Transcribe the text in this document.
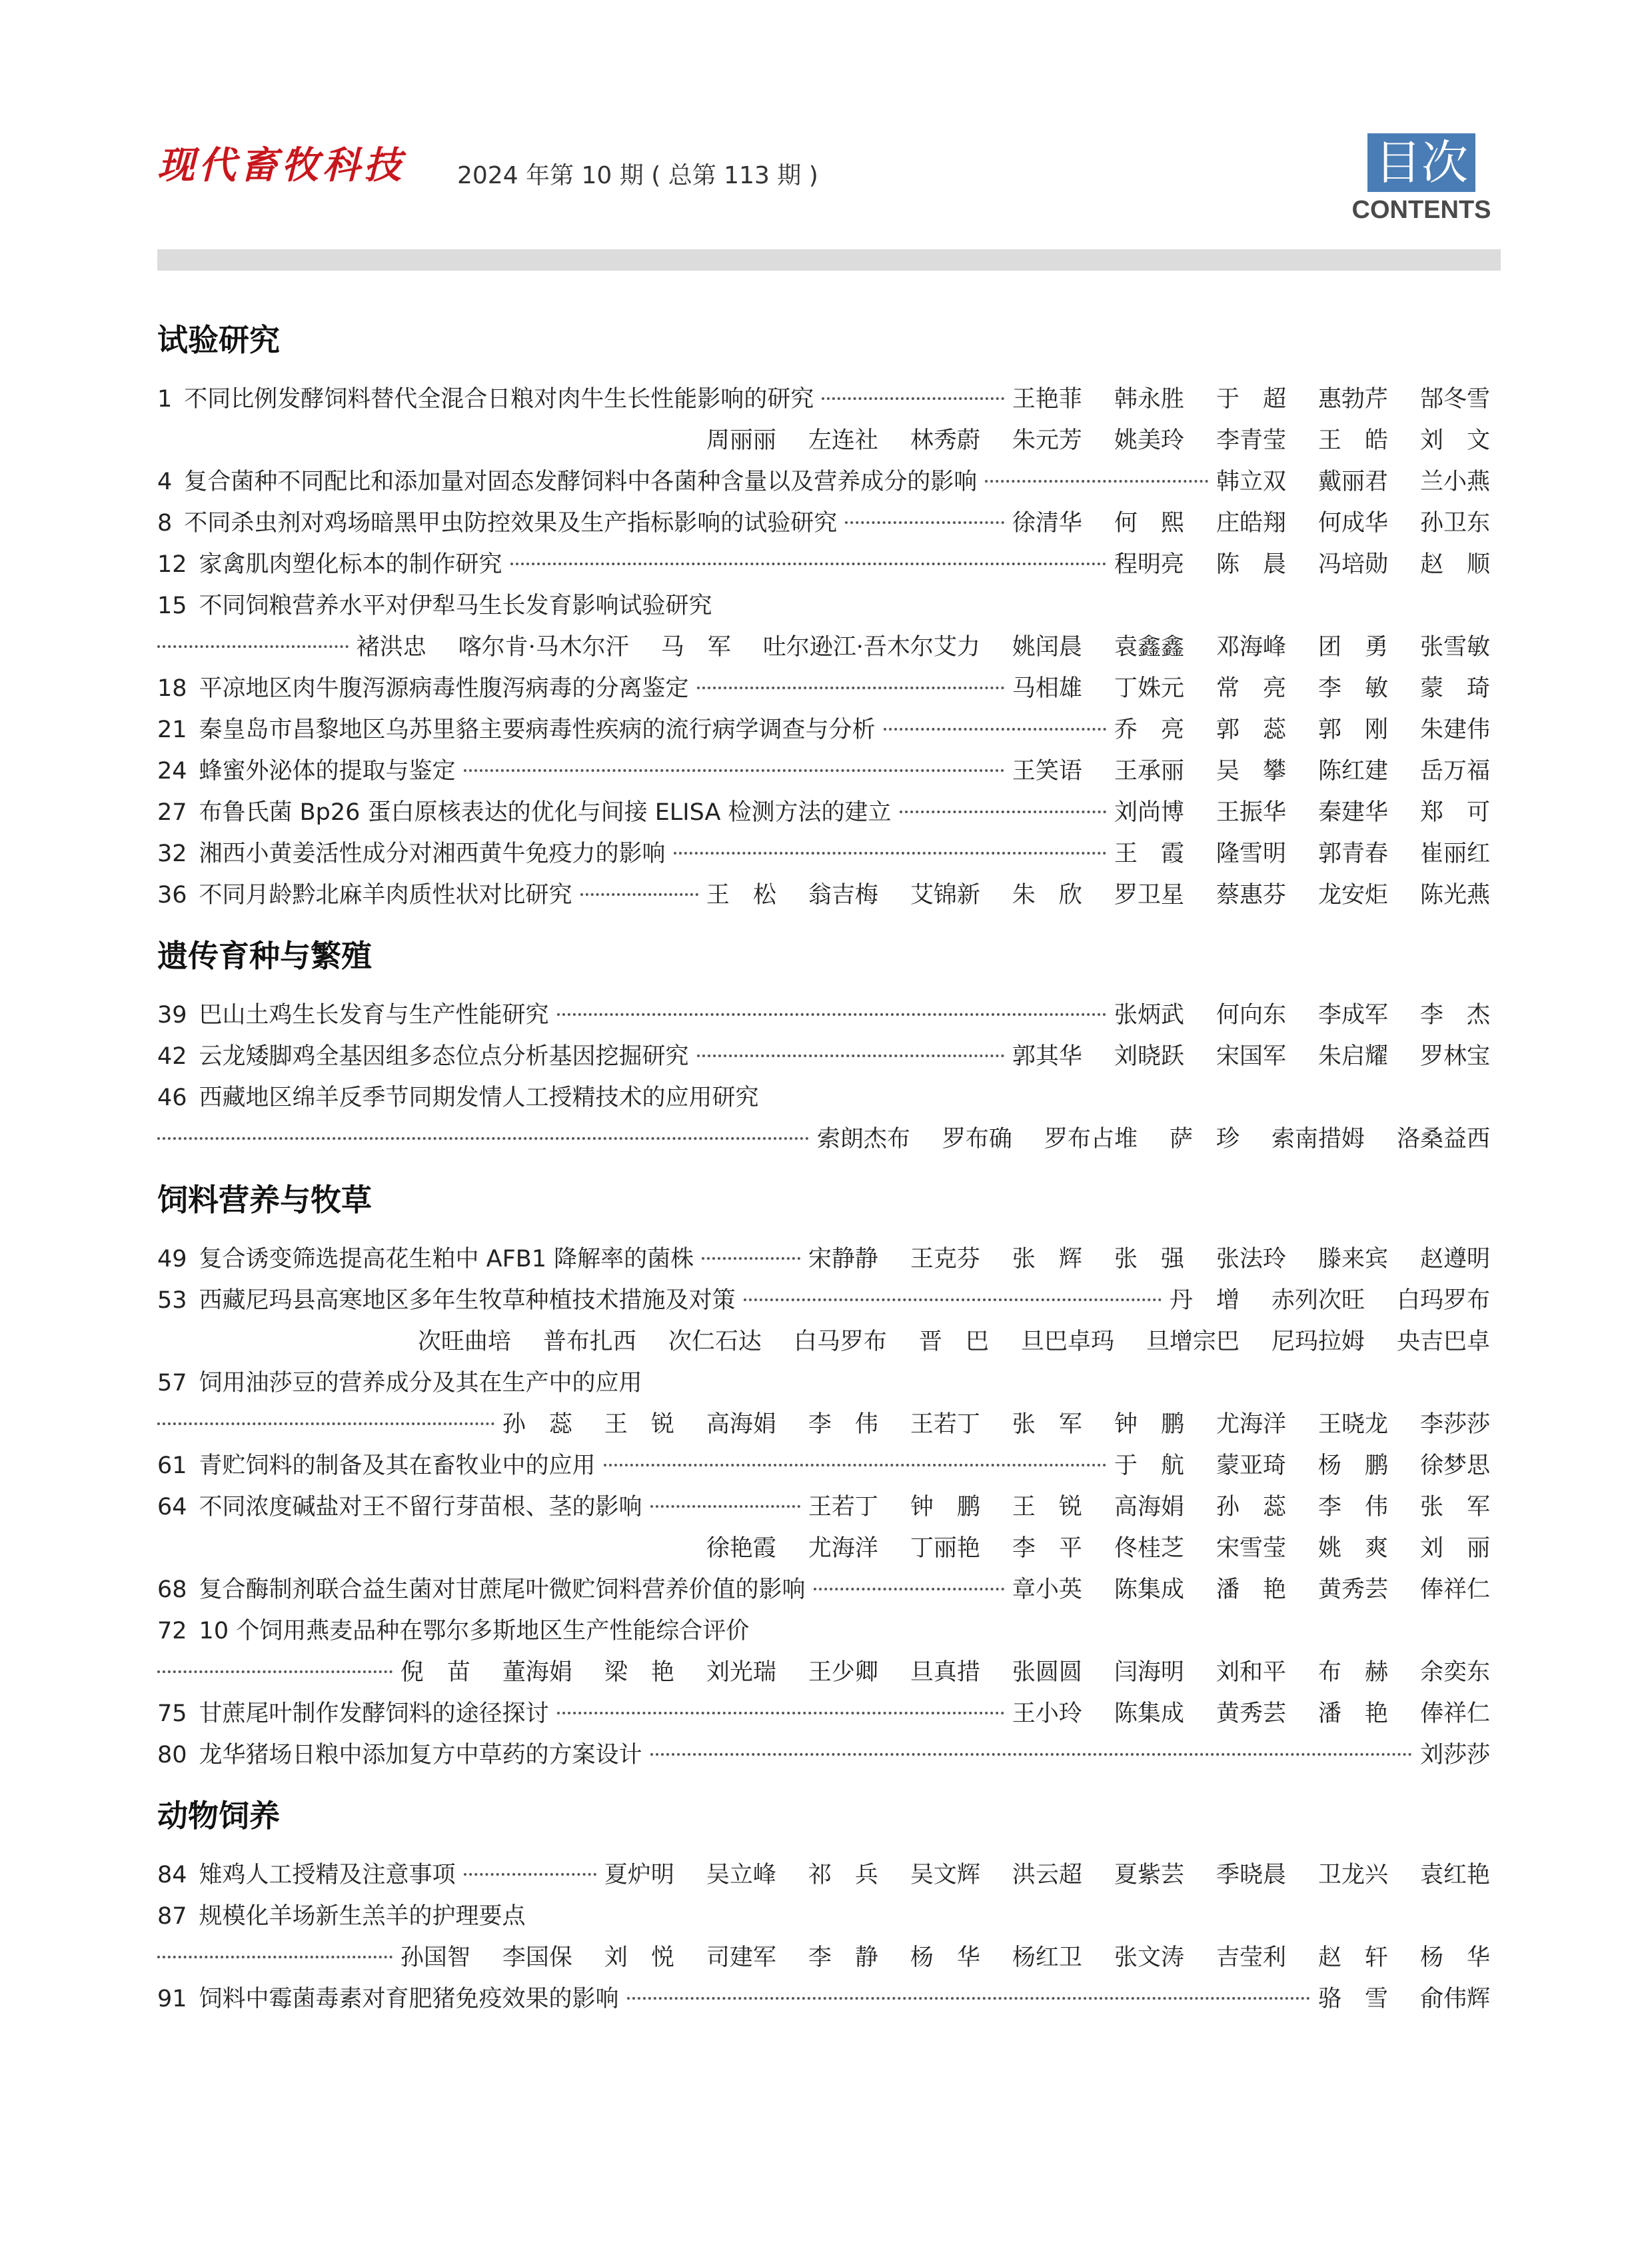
现代畜牧科技 2024 年第 10 期 ( 总第 113 期 )	目次
CONTENTS
试验研究
1 不同比例发酵饲料替代全混合日粮对肉牛生长性能影响的研究	王艳菲 韩永胜 于　超 惠勃芹 郜冬雪
周丽丽 左连社 林秀蔚 朱元芳 姚美玲 李青莹 王　皓 刘　文
4 复合菌种不同配比和添加量对固态发酵饲料中各菌种含量以及营养成分的影响	韩立双 戴丽君 兰小燕
8 不同杀虫剂对鸡场暗黑甲虫防控效果及生产指标影响的试验研究	徐清华 何　熙 庄皓翔 何成华 孙卫东
12 家禽肌肉塑化标本的制作研究	程明亮 陈　晨 冯培勋 赵　顺
15 不同饲粮营养水平对伊犁马生长发育影响试验研究
褚洪忠 喀尔肯·马木尔汗 马　军 吐尔逊江·吾木尔艾力 姚闰晨 袁鑫鑫 邓海峰 团　勇 张雪敏
18 平凉地区肉牛腹泻源病毒性腹泻病毒的分离鉴定	马相雄 丁姝元 常　亮 李　敏 蒙　琦
21 秦皇岛市昌黎地区乌苏里貉主要病毒性疾病的流行病学调查与分析	乔　亮 郭　蕊 郭　刚 朱建伟
24 蜂蜜外泌体的提取与鉴定	王笑语 王承丽 吴　攀 陈红建 岳万福
27 布鲁氏菌 Bp26 蛋白原核表达的优化与间接 ELISA 检测方法的建立	刘尚博 王振华 秦建华 郑　可
32 湘西小黄姜活性成分对湘西黄牛免疫力的影响	王　霞 隆雪明 郭青春 崔丽红
36 不同月龄黔北麻羊肉质性状对比研究	王　松 翁吉梅 艾锦新 朱　欣 罗卫星 蔡惠芬 龙安炬 陈光燕
遗传育种与繁殖
39 巴山土鸡生长发育与生产性能研究	张炳武 何向东 李成军 李　杰
42 云龙矮脚鸡全基因组多态位点分析基因挖掘研究	郭其华 刘晓跃 宋国军 朱启耀 罗林宝
46 西藏地区绵羊反季节同期发情人工授精技术的应用研究
索朗杰布 罗布确 罗布占堆 萨　珍 索南措姆 洛桑益西
饲料营养与牧草
49 复合诱变筛选提高花生粕中 AFB1 降解率的菌株	宋静静 王克芬 张　辉 张　强 张法玲 滕来宾 赵遵明
53 西藏尼玛县高寒地区多年生牧草种植技术措施及对策	丹　增 赤列次旺 白玛罗布
次旺曲培 普布扎西 次仁石达 白马罗布 晋　巴 旦巴卓玛 旦增宗巴 尼玛拉姆 央吉巴卓
57 饲用油莎豆的营养成分及其在生产中的应用
孙　蕊 王　锐 高海娟 李　伟 王若丁 张　军 钟　鹏 尤海洋 王晓龙 李莎莎
61 青贮饲料的制备及其在畜牧业中的应用	于　航 蒙亚琦 杨　鹏 徐梦思
64 不同浓度碱盐对王不留行芽苗根、茎的影响	王若丁 钟　鹏 王　锐 高海娟 孙　蕊 李　伟 张　军
徐艳霞 尤海洋 丁丽艳 李　平 佟桂芝 宋雪莹 姚　爽 刘　丽
68 复合酶制剂联合益生菌对甘蔗尾叶微贮饲料营养价值的影响	章小英 陈集成 潘　艳 黄秀芸 俸祥仁
72 10 个饲用燕麦品种在鄂尔多斯地区生产性能综合评价
倪　苗 董海娟 梁　艳 刘光瑞 王少卿 旦真措 张圆圆 闫海明 刘和平 布　赫 余奕东
75 甘蔗尾叶制作发酵饲料的途径探讨	王小玲 陈集成 黄秀芸 潘　艳 俸祥仁
80 龙华猪场日粮中添加复方中草药的方案设计	刘莎莎
动物饲养
84 雉鸡人工授精及注意事项	夏炉明 吴立峰 祁　兵 吴文辉 洪云超 夏紫芸 季晓晨 卫龙兴 袁红艳
87 规模化羊场新生羔羊的护理要点
孙国智 李国保 刘　悦 司建军 李　静 杨　华 杨红卫 张文涛 吉莹利 赵　轩 杨　华
91 饲料中霉菌毒素对育肥猪免疫效果的影响	骆　雪 俞伟辉
